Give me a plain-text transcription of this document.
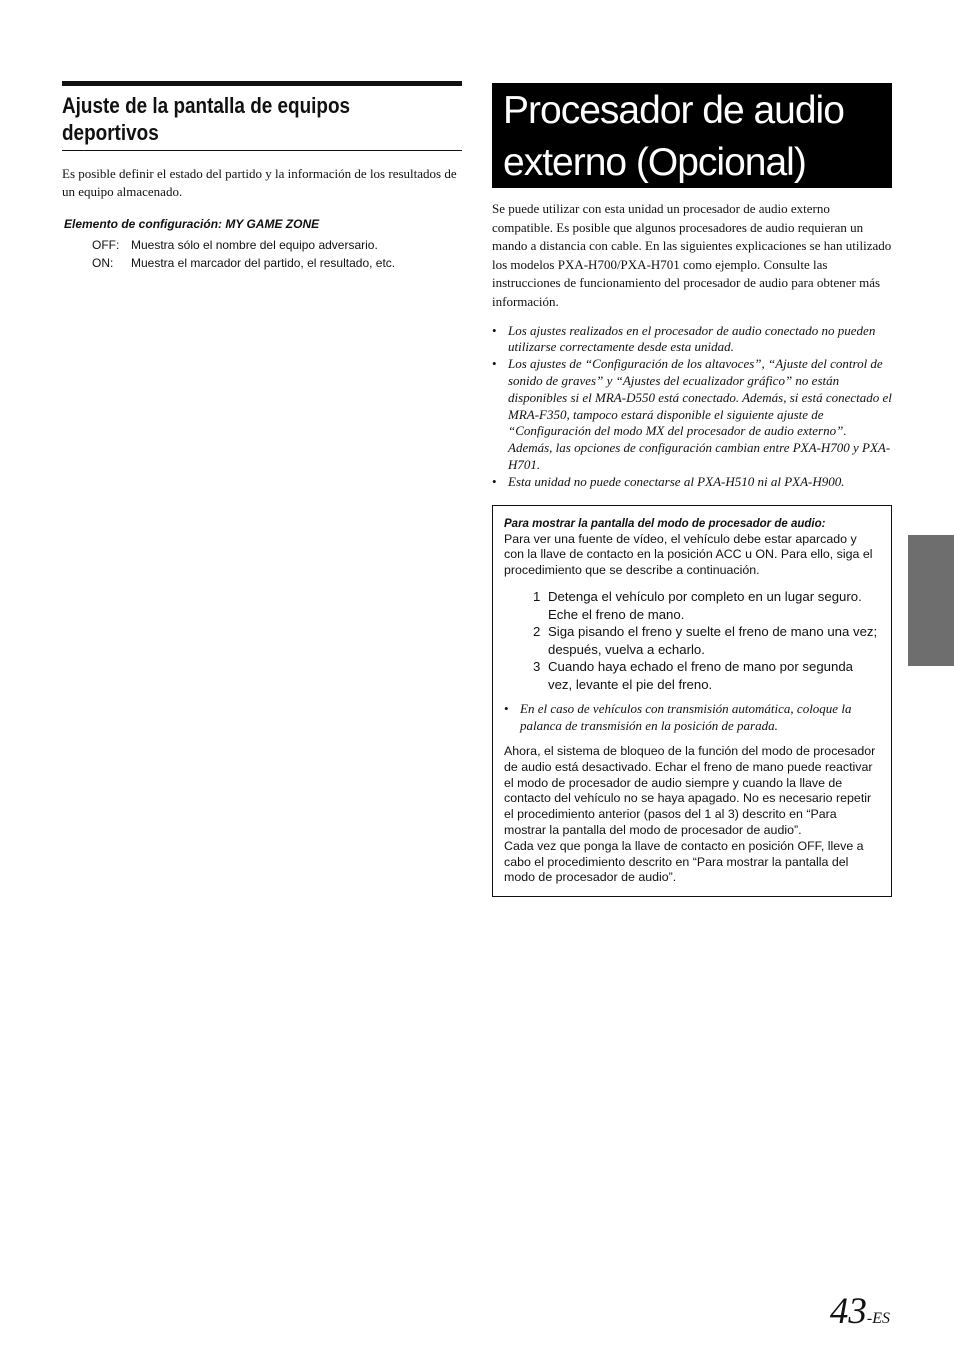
Ajuste de la pantalla de equipos
deportivos

Es posible definir el estado del partido y la información de los resultados de un equipo almacenado.

Elemento de configuración: MY GAME ZONE
OFF: Muestra sólo el nombre del equipo adversario.
ON:	Muestra el marcador del partido, el resultado, etc.
Procesador de audio
externo (Opcional)

Se puede utilizar con esta unidad un procesador de audio externo compatible. Es posible que algunos procesadores de audio requieran un mando a distancia con cable. En las siguientes explicaciones se han utilizado los modelos PXA-H700/PXA-H701 como ejemplo. Consulte las instrucciones de funcionamiento del procesador de audio para obtener más información.

• Los ajustes realizados en el procesador de audio conectado no pueden utilizarse correctamente desde esta unidad.
• Los ajustes de “Configuración de los altavoces”, “Ajuste del control de sonido de graves” y “Ajustes del ecualizador gráfico” no están disponibles si el MRA-D550 está conectado. Además, si está conectado el MRA-F350, tampoco estará disponible el siguiente ajuste de “Configuración del modo MX del procesador de audio externo”. Además, las opciones de configuración cambian entre PXA-H700 y PXA-H701.
• Esta unidad no puede conectarse al PXA-H510 ni al PXA-H900.
Para mostrar la pantalla del modo de procesador de audio:
Para ver una fuente de vídeo, el vehículo debe estar aparcado y con la llave de contacto en la posición ACC u ON. Para ello, siga el procedimiento que se describe a continuación.
1 Detenga el vehículo por completo en un lugar seguro. Eche el freno de mano.
2 Siga pisando el freno y suelte el freno de mano una vez; después, vuelva a echarlo.
3 Cuando haya echado el freno de mano por segunda vez, levante el pie del freno.
• En el caso de vehículos con transmisión automática, coloque la palanca de transmisión en la posición de parada.
Ahora, el sistema de bloqueo de la función del modo de procesador de audio está desactivado. Echar el freno de mano puede reactivar el modo de procesador de audio siempre y cuando la llave de contacto del vehículo no se haya apagado. No es necesario repetir el procedimiento anterior (pasos del 1 al 3) descrito en “Para mostrar la pantalla del modo de procesador de audio”.
Cada vez que ponga la llave de contacto en posición OFF, lleve a cabo el procedimiento descrito en “Para mostrar la pantalla del modo de procesador de audio”.
43-ES
